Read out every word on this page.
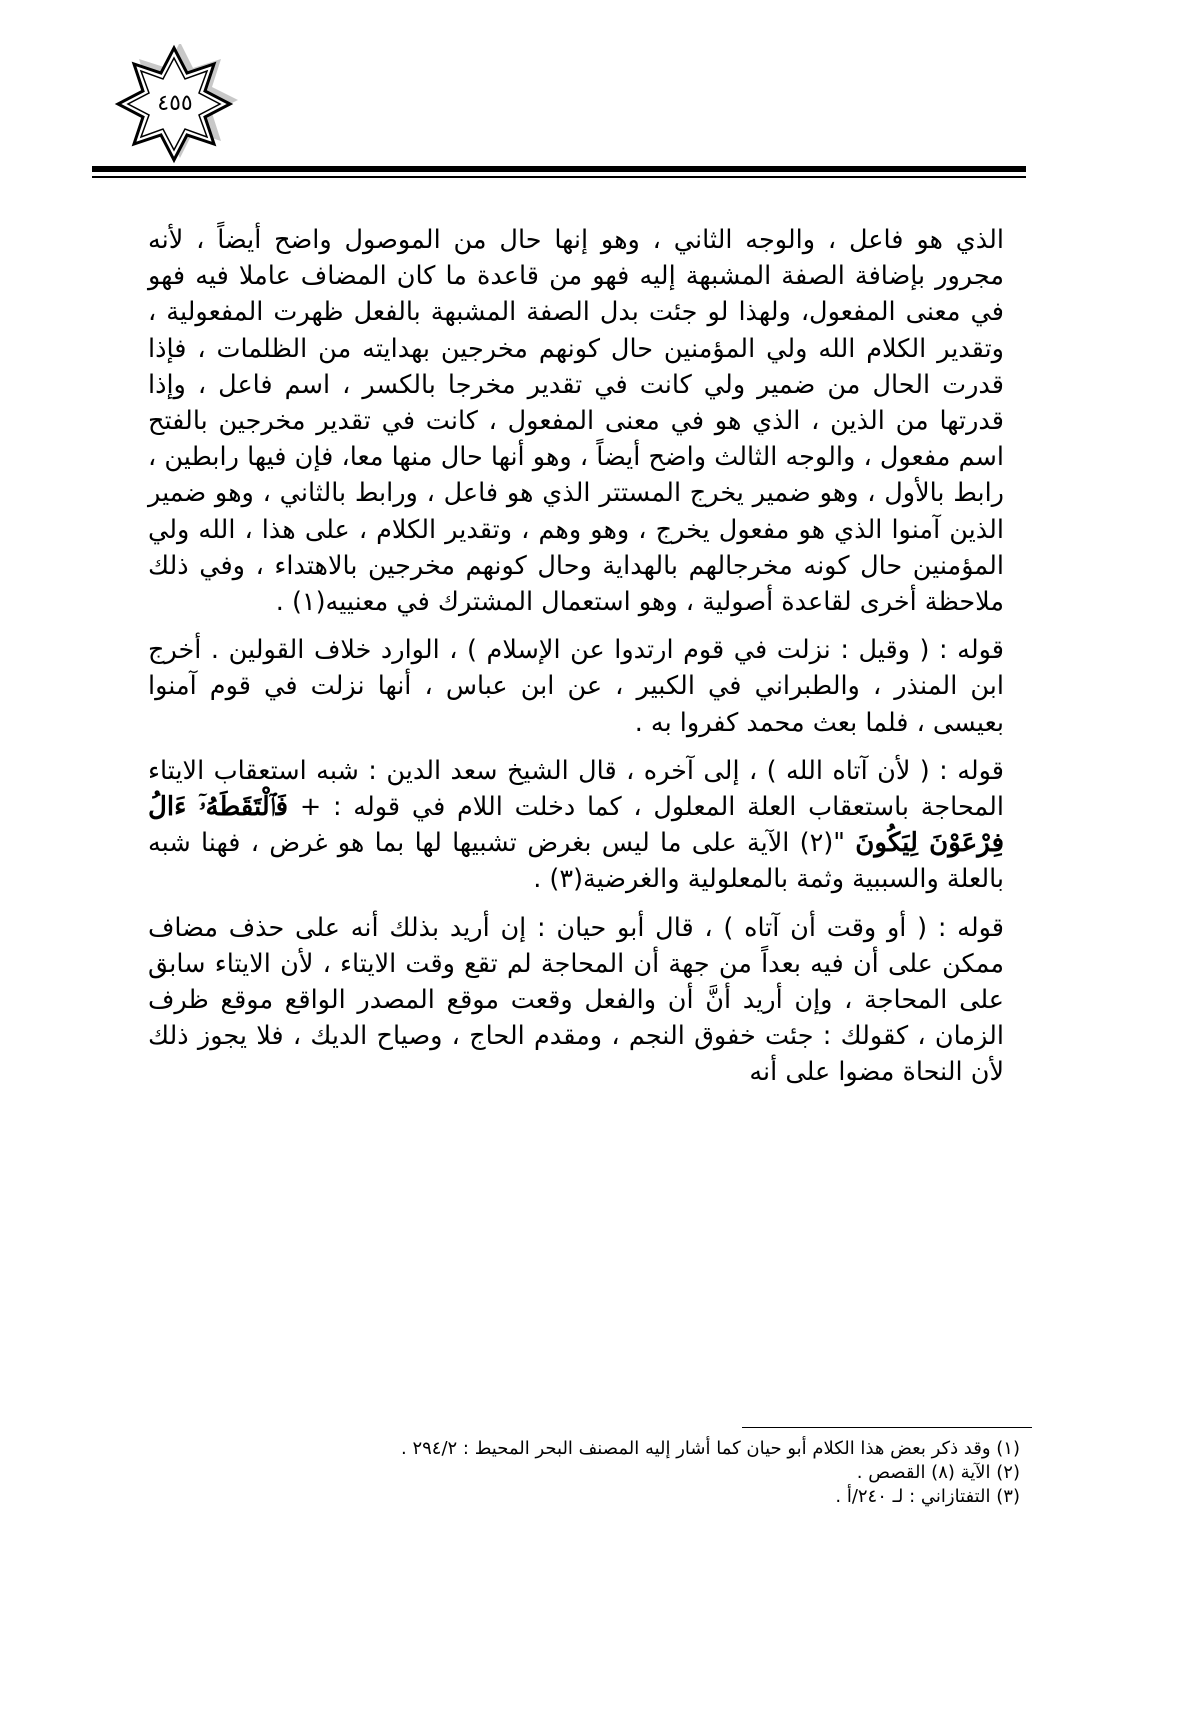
٤٥٥

الذي هو فاعل ، والوجه الثاني ، وهو إنها حال من الموصول واضح أيضاً ، لأنه مجرور بإضافة الصفة المشبهة إليه فهو من قاعدة ما كان المضاف عاملا فيه فهو في معنى المفعول، ولهذا لو جئت بدل الصفة المشبهة بالفعل ظهرت المفعولية ، وتقدير الكلام الله ولي المؤمنين حال كونهم مخرجين بهدايته من الظلمات ، فإذا قدرت الحال من ضمير ولي كانت في تقدير مخرجا بالكسر ، اسم فاعل ، وإذا قدرتها من الذين ، الذي هو في معنى المفعول ، كانت في تقدير مخرجين بالفتح اسم مفعول ، والوجه الثالث واضح أيضاً ، وهو أنها حال منها معا، فإن فيها رابطين ، رابط بالأول ، وهو ضمير يخرج المستتر الذي هو فاعل ، ورابط بالثاني ، وهو ضمير الذين آمنوا الذي هو مفعول يخرج ، وهو وهم ، وتقدير الكلام ، على هذا ، الله ولي المؤمنين حال كونه مخرجالهم بالهداية وحال كونهم مخرجين بالاهتداء ، وفي ذلك ملاحظة أخرى لقاعدة أصولية ، وهو استعمال المشترك في معنييه(١) .

قوله : ( وقيل : نزلت في قوم ارتدوا عن الإسلام ) ، الوارد خلاف القولين . أخرج ابن المنذر ، والطبراني في الكبير ، عن ابن عباس ، أنها نزلت في قوم آمنوا بعيسى ، فلما بعث محمد كفروا به .

قوله : ( لأن آتاه الله ) ، إلى آخره ، قال الشيخ سعد الدين : شبه استعقاب الايتاء المحاجة باستعقاب العلة المعلول ، كما دخلت اللام في قوله : + فَٱلْتَقَطَهُۥٓ ءَالُ فِرْعَوْنَ لِيَكُونَ "(٢) الآية على ما ليس بغرض تشبيها لها بما هو غرض ، فهنا شبه بالعلة والسببية وثمة بالمعلولية والغرضية(٣) .

قوله : ( أو وقت أن آتاه ) ، قال أبو حيان : إن أريد بذلك أنه على حذف مضاف ممكن على أن فيه بعداً من جهة أن المحاجة لم تقع وقت الايتاء ، لأن الايتاء سابق على المحاجة ، وإن أريد أنَّ أن والفعل وقعت موقع المصدر الواقع موقع ظرف الزمان ، كقولك : جئت خفوق النجم ، ومقدم الحاج ، وصياح الديك ، فلا يجوز ذلك لأن النحاة مضوا على أنه

(١) وقد ذكر بعض هذا الكلام أبو حيان كما أشار إليه المصنف البحر المحيط : ٢٩٤/٢ .
(٢) الآية (٨) القصص .
(٣) التفتازاني : لـ ٢٤٠/أ .
